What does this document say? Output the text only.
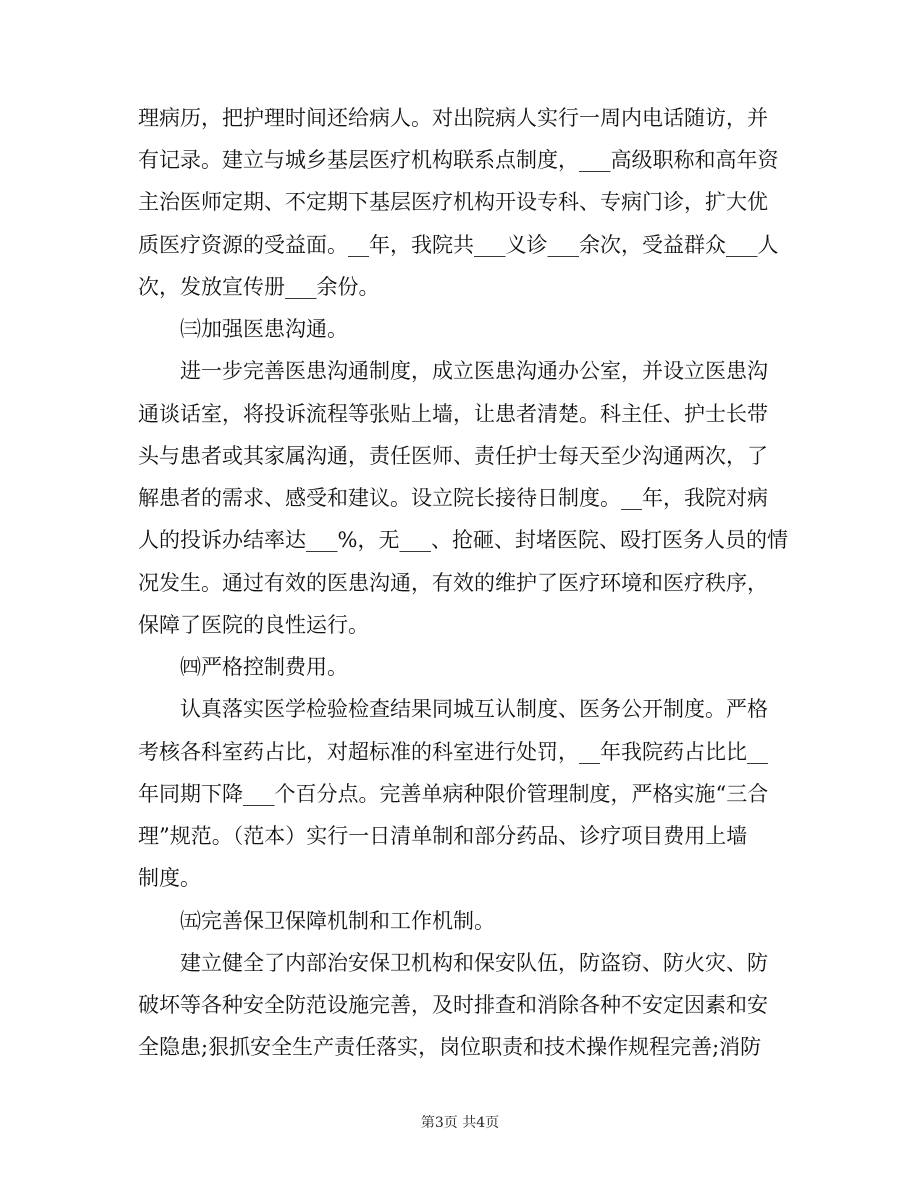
理病历，把护理时间还给病人。对出院病人实行一周内电话随访，并
有记录。建立与城乡基层医疗机构联系点制度，___高级职称和高年资
主治医师定期、不定期下基层医疗机构开设专科、专病门诊，扩大优
质医疗资源的受益面。__年，我院共___义诊___余次，受益群众___人
次，发放宣传册___余份。
㈢加强医患沟通。
进一步完善医患沟通制度，成立医患沟通办公室，并设立医患沟
通谈话室，将投诉流程等张贴上墙，让患者清楚。科主任、护士长带
头与患者或其家属沟通，责任医师、责任护士每天至少沟通两次，了
解患者的需求、感受和建议。设立院长接待日制度。__年，我院对病
人的投诉办结率达___%，无___、抢砸、封堵医院、殴打医务人员的情
况发生。通过有效的医患沟通，有效的维护了医疗环境和医疗秩序，
保障了医院的良性运行。
㈣严格控制费用。
认真落实医学检验检查结果同城互认制度、医务公开制度。严格
考核各科室药占比，对超标准的科室进行处罚，__年我院药占比比__
年同期下降___个百分点。完善单病种限价管理制度，严格实施“三合
理”规范。（范本）实行一日清单制和部分药品、诊疗项目费用上墙
制度。
㈤完善保卫保障机制和工作机制。
建立健全了内部治安保卫机构和保安队伍，防盗窃、防火灾、防
破坏等各种安全防范设施完善，及时排查和消除各种不安定因素和安
全隐患;狠抓安全生产责任落实，岗位职责和技术操作规程完善;消防
第3页 共4页
